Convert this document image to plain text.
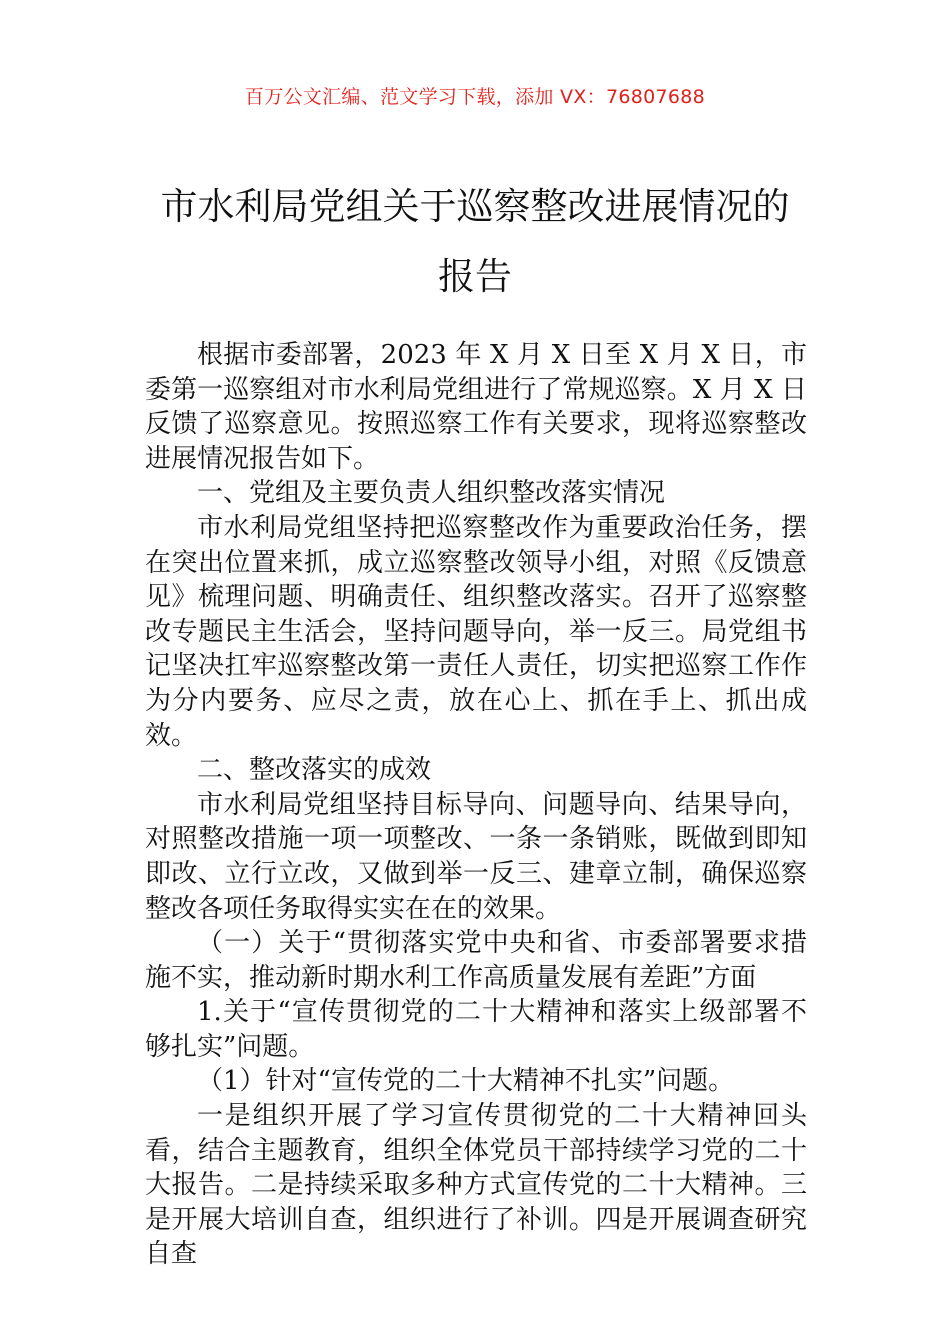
百万公文汇编、范文学习下载，添加 VX：76807688
市水利局党组关于巡察整改进展情况的报告

根据市委部署，2023 年 X 月 X 日至 X 月 X 日，市委第一巡察组对市水利局党组进行了常规巡察。X 月 X 日反馈了巡察意见。按照巡察工作有关要求，现将巡察整改进展情况报告如下。

一、党组及主要负责人组织整改落实情况

市水利局党组坚持把巡察整改作为重要政治任务，摆在突出位置来抓，成立巡察整改领导小组，对照《反馈意见》梳理问题、明确责任、组织整改落实。召开了巡察整改专题民主生活会，坚持问题导向，举一反三。局党组书记坚决扛牢巡察整改第一责任人责任，切实把巡察工作作为分内要务、应尽之责，放在心上、抓在手上、抓出成效。

二、整改落实的成效

市水利局党组坚持目标导向、问题导向、结果导向，对照整改措施一项一项整改、一条一条销账，既做到即知即改、立行立改，又做到举一反三、建章立制，确保巡察整改各项任务取得实实在在的效果。

（一）关于“贯彻落实党中央和省、市委部署要求措施不实，推动新时期水利工作高质量发展有差距”方面

1.关于“宣传贯彻党的二十大精神和落实上级部署不够扎实”问题。

（1）针对“宣传党的二十大精神不扎实”问题。

一是组织开展了学习宣传贯彻党的二十大精神回头看，结合主题教育，组织全体党员干部持续学习党的二十大报告。二是持续采取多种方式宣传党的二十大精神。三是开展大培训自查，组织进行了补训。四是开展调查研究自查
